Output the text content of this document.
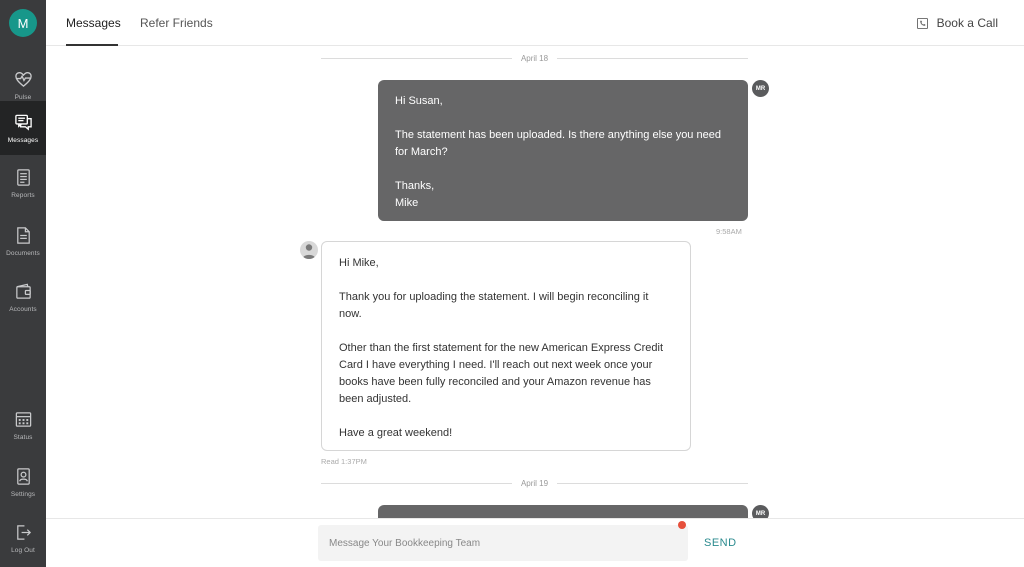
M
Pulse
Messages
Reports
Documents
Accounts
Status
Settings
Log Out
Messages Refer Friends	Book a Call
April 18
Hi Susan,
The statement has been uploaded. Is there anything else you need for March?
Thanks,
Mike
MR
9:58AM
Hi Mike,
Thank you for uploading the statement. I will begin reconciling it now.
Other than the first statement for the new American Express Credit Card I have everything I need. I'll reach out next week once your books have been fully reconciled and your Amazon revenue has been adjusted.
Have a great weekend!
Read 1:37PM
April 19
MR
Message Your Bookkeeping Team
SEND
